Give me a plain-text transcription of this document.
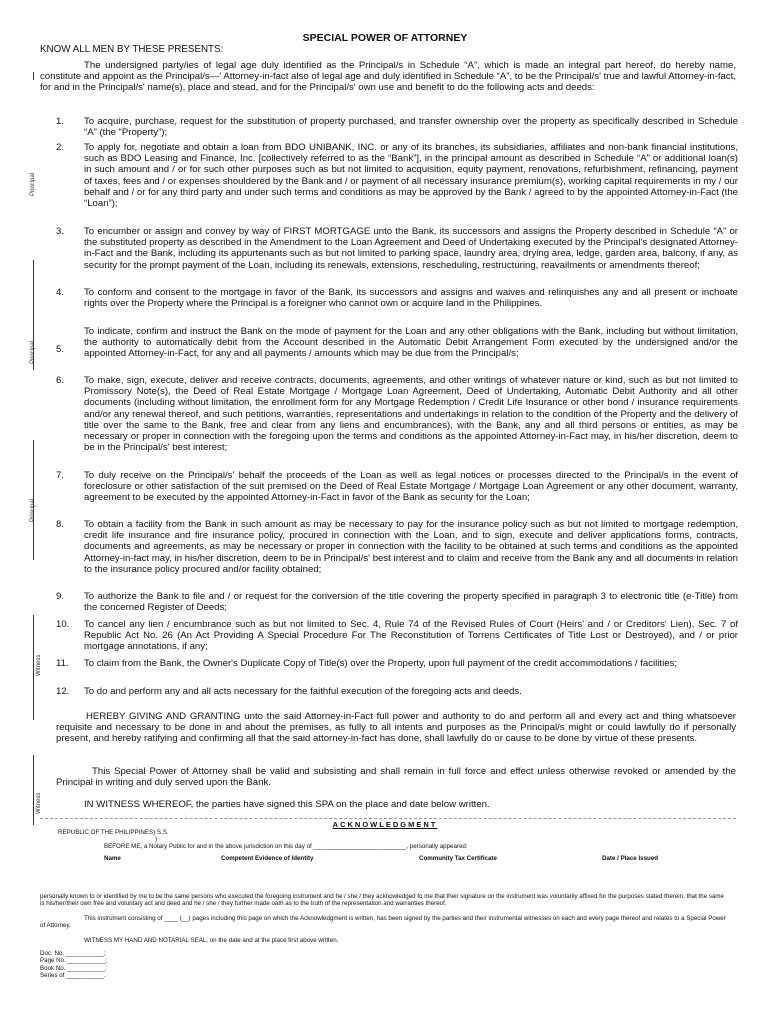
SPECIAL POWER OF ATTORNEY
KNOW ALL MEN BY THESE PRESENTS:
The undersigned party/ies of legal age duly identified as the Principal/s in Schedule “A”, which is made an integral part hereof, do hereby name, constitute and appoint as the Principal/s—' Attorney-in-fact also of legal age and duly identified in Schedule “A”, to be the Principal/s' true and lawful Attorney-in-fact, for and in the Principal/s' name(s), place and stead, and for the Principal/s' own use and benefit to do the following acts and deeds:
Principal
Principal
Principal
Witness
Witness
1.	To acquire, purchase, request for the substitution of property purchased, and transfer ownership over the property as specifically described in Schedule “A” (the “Property”);
2.	To apply for, negotiate and obtain a loan from BDO UNIBANK, INC. or any of its branches, its subsidiaries, affiliates and non-bank financial institutions, such as BDO Leasing and Finance, Inc. [collectively referred to as the “Bank”], in the principal amount as described in Schedule “A” or additional loan(s) in such amount and / or for such other purposes such as but not limited to acquisition, equity payment, renovations, refurbishment, refinancing, payment of taxes, fees and / or expenses shouldered by the Bank and / or payment of all necessary insurance premium(s), working capital requirements in my / our behalf and / or for any third party and under such terms and conditions as may be approved by the Bank / agreed to by the appointed Attorney-in-Fact (the “Loan”);
3.	To encumber or assign and convey by way of FIRST MORTGAGE unto the Bank, its successors and assigns the Property described in Schedule “A” or the substituted property as described in the Amendment to the Loan Agreement and Deed of Undertaking executed by the Principal's designated Attorney-in-Fact and the Bank, including its appurtenants such as but not limited to parking space, laundry area, drying area, ledge, garden area, balcony, if any, as security for the prompt payment of the Loan, including its renewals, extensions, rescheduling, restructuring, reavailments or amendments thereof;
4.	To conform and consent to the mortgage in favor of the Bank, its successors and assigns and waives and relinquishes any and all present or inchoate rights over the Property where the Principal is a foreigner who cannot own or acquire land in the Philippines.
5.
To indicate, confirm and instruct the Bank on the mode of payment for the Loan and any other obligations with the Bank, including but without limitation, the authority to automatically debit from the Account described in the Automatic Debit Arrangement Form executed by the undersigned and/or the appointed Attorney-in-Fact, for any and all payments / amounts which may be due from the Principal/s;
6.	To make, sign, execute, deliver and receive contracts, documents, agreements, and other writings of whatever nature or kind, such as but not limited to Promissory Note(s), the Deed of Real Estate Mortgage / Mortgage Loan Agreement, Deed of Undertaking, Automatic Debit Authority and all other documents (including without limitation, the enrollment form for any Mortgage Redemption / Credit Life Insurance or other bond / insurance requirements and/or any renewal thereof, and such petitions, warranties, representations and undertakings in relation to the condition of the Property and the delivery of title over the same to the Bank, free and clear from any liens and encumbrances), with the Bank, any and all third persons or entities, as may be necessary or proper in connection with the foregoing upon the terms and conditions as the appointed Attorney-in-Fact may, in his/her discretion, deem to be in the Principal/s' best interest;
7.	To duly receive on the Principal/s' behalf the proceeds of the Loan as well as legal notices or processes directed to the Principal/s in the event of foreclosure or other satisfaction of the suit premised on the Deed of Real Estate Mortgage / Mortgage Loan Agreement or any other document, warranty, agreement to be executed by the appointed Attorney-in-Fact in favor of the Bank as security for the Loan;
8.	To obtain a facility from the Bank in such amount as may be necessary to pay for the insurance policy such as but not limited to mortgage redemption, credit life insurance and fire insurance policy, procured in connection with the Loan, and to sign, execute and deliver applications forms, contracts, documents and agreements, as may be necessary or proper in connection with the facility to be obtained at such terms and conditions as the appointed Attorney-in-fact may, in his/her discretion, deem to be in Principal/s' best interest and to claim and receive from the Bank any and all documents in relation to the insurance policy procured and/or facility obtained;
9.	To authorize the Bank to file and / or request for the conversion of the title covering the property specified in paragraph 3 to electronic title (e-Title) from the concerned Register of Deeds;
10.	To cancel any lien / encumbrance such as but not limited to Sec. 4, Rule 74 of the Revised Rules of Court (Heirs' and / or Creditors' Lien), Sec. 7 of Republic Act No. 26 (An Act Providing A Special Procedure For The Reconstitution of Torrens Certificates of Title Lost or Destroyed), and / or prior mortgage annotations, if any;
11.	To claim from the Bank, the Owner's Duplicate Copy of Title(s) over the Property, upon full payment of the credit accommodations / facilities;
12.	To do and perform any and all acts necessary for the faithful execution of the foregoing acts and deeds.
HEREBY GIVING AND GRANTING unto the said Attorney-in-Fact full power and authority to do and perform all and every act and thing whatsoever requisite and necessary to be done in and about the premises, as fully to all intents and purposes as the Principal/s might or could lawfully do if personally present, and hereby ratifying and confirming all that the said attorney-in-fact has done, shall lawfully do or cause to be done by virtue of these presents.
This Special Power of Attorney shall be valid and subsisting and shall remain in full force and effect unless otherwise revoked or amended by the Principal in writing and duly served upon the Bank.
IN WITNESS WHEREOF, the parties have signed this SPA on the place and date below written.
ACKNOWLEDGMENT
REPUBLIC OF THE PHILIPPINES) S.S.
)
BEFORE ME, a Notary Public for and in the above jurisdiction on this day of ___________________________, personally appeared:
Name	Competent Evidence of Identity	Community Tax Certificate	Date / Place Issued
personally known to or identified by me to be the same persons who executed the foregoing instrument and he / she / they acknowledged to me that their signature on the instrument was voluntarily affixed for the purposes stated therein, that the same is his/her/their own free and voluntary act and deed and he / she / they further made oath as to the truth of the representation and warranties thereof.
This instrument consisting of ____ (__) pages including this page on which the Acknowledgment is written, has been signed by the parties and their instrumental witnesses on each and every page thereof and relates to a Special Power of Attorney.
WITNESS MY HAND AND NOTARIAL SEAL, on the date and at the place first above written.
Doc. No. ___________;
Page No. ___________;
Book No. ___________;
Series of ___________.
